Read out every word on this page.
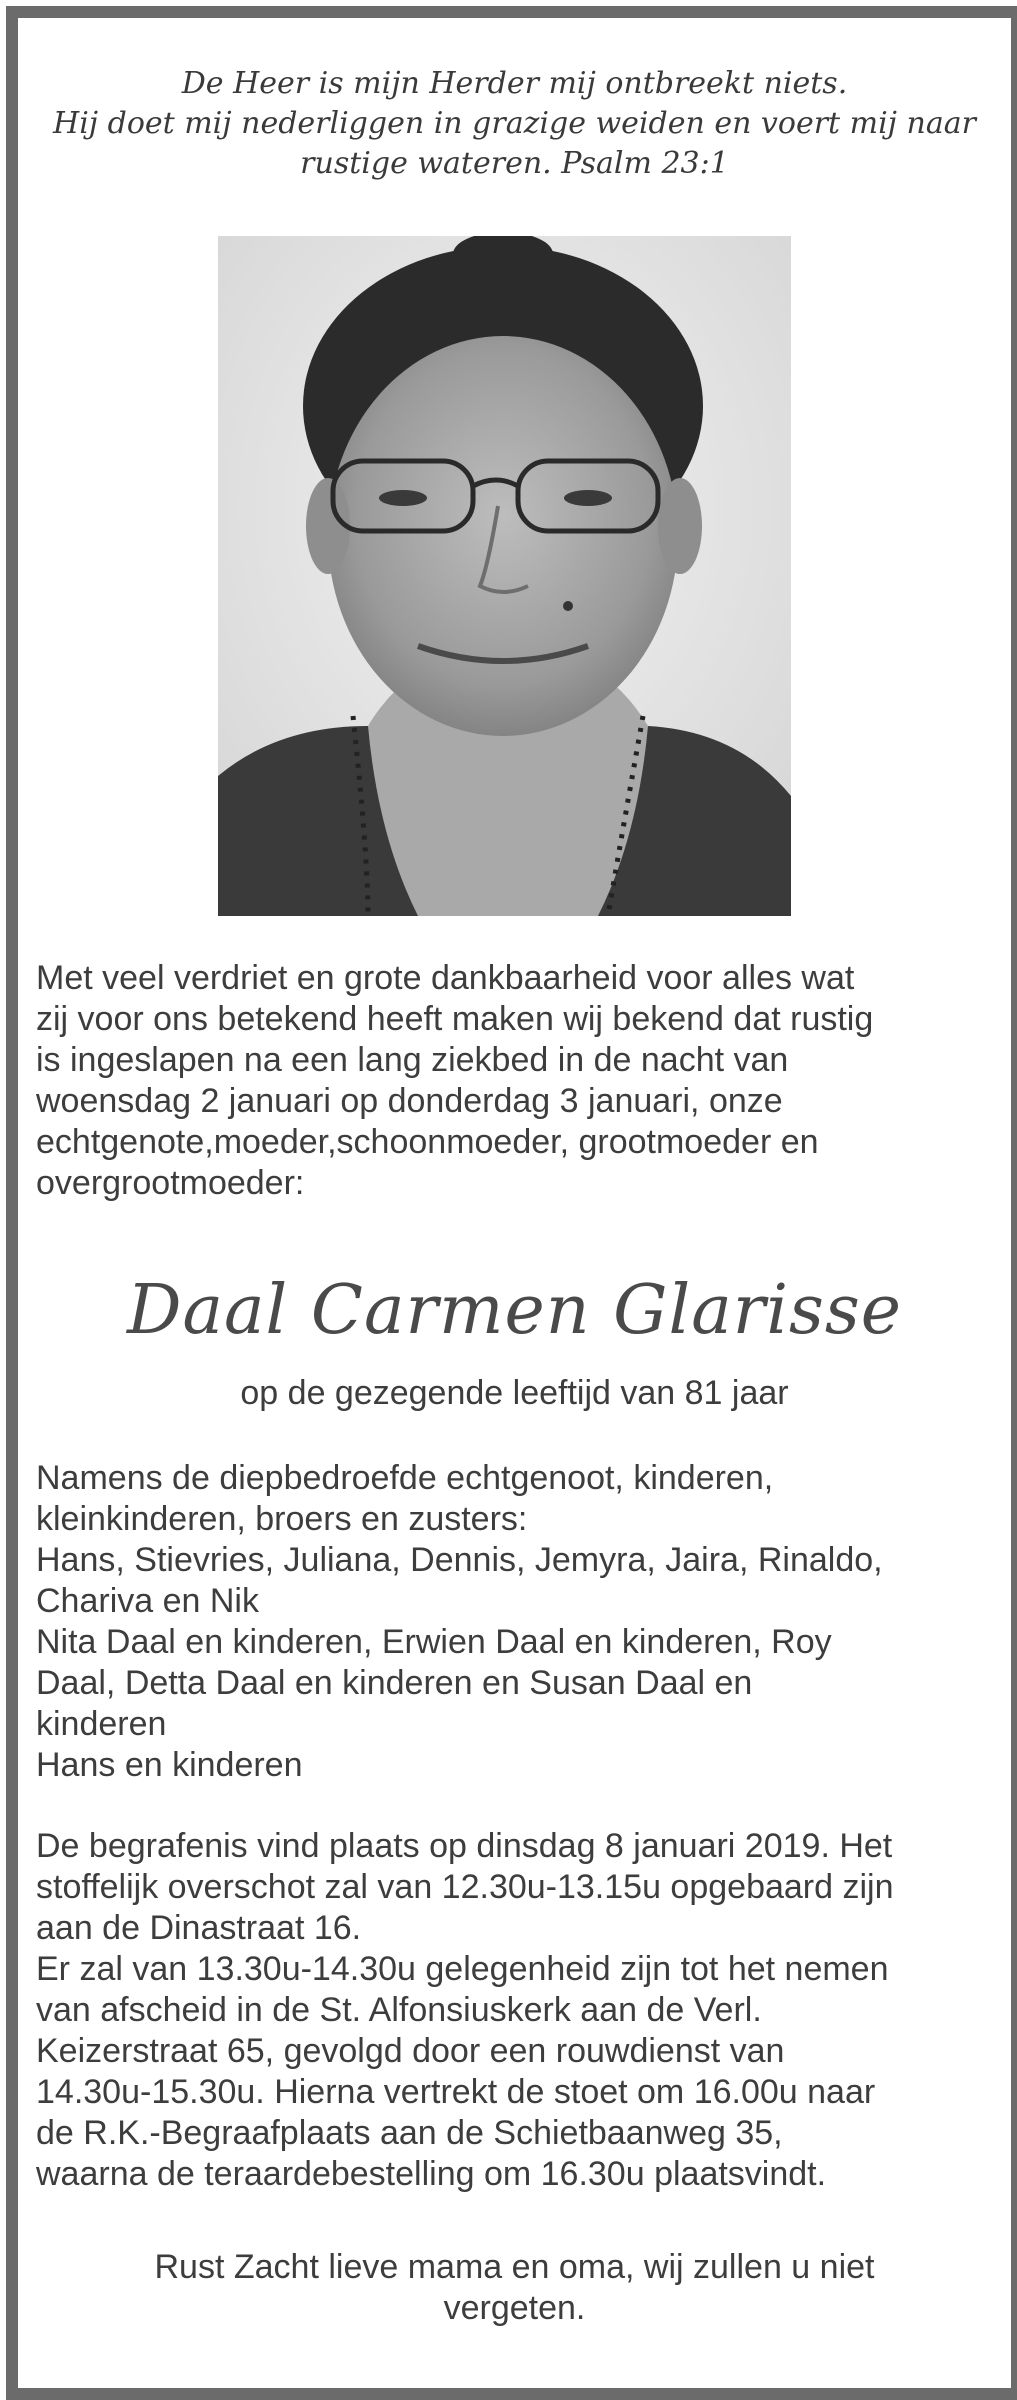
De Heer is mijn Herder mij ontbreekt niets.
Hij doet mij nederliggen in grazige weiden en voert mij naar
rustige wateren. Psalm 23:1
Met veel verdriet en grote dankbaarheid voor alles wat
zij voor ons betekend heeft maken wij bekend dat rustig
is ingeslapen na een lang ziekbed in de nacht van
woensdag 2 januari op donderdag 3 januari, onze
echtgenote,moeder,schoonmoeder, grootmoeder en
overgrootmoeder:
Daal Carmen Glarisse
op de gezegende leeftijd van 81 jaar
Namens de diepbedroefde echtgenoot, kinderen,
kleinkinderen, broers en zusters:
Hans, Stievries, Juliana, Dennis, Jemyra, Jaira, Rinaldo,
Chariva en Nik
Nita Daal en kinderen, Erwien Daal en kinderen, Roy
Daal, Detta Daal en kinderen en Susan Daal en
kinderen
Hans en kinderen
De begrafenis vind plaats op dinsdag 8 januari 2019. Het
stoffelijk overschot zal van 12.30u-13.15u opgebaard zijn
aan de Dinastraat 16.
Er zal van 13.30u-14.30u gelegenheid zijn tot het nemen
van afscheid in de St. Alfonsiuskerk aan de Verl.
Keizerstraat 65, gevolgd door een rouwdienst van
14.30u-15.30u. Hierna vertrekt de stoet om 16.00u naar
de R.K.-Begraafplaats aan de Schietbaanweg 35,
waarna de teraardebestelling om 16.30u plaatsvindt.
Rust Zacht lieve mama en oma, wij zullen u niet
vergeten.
